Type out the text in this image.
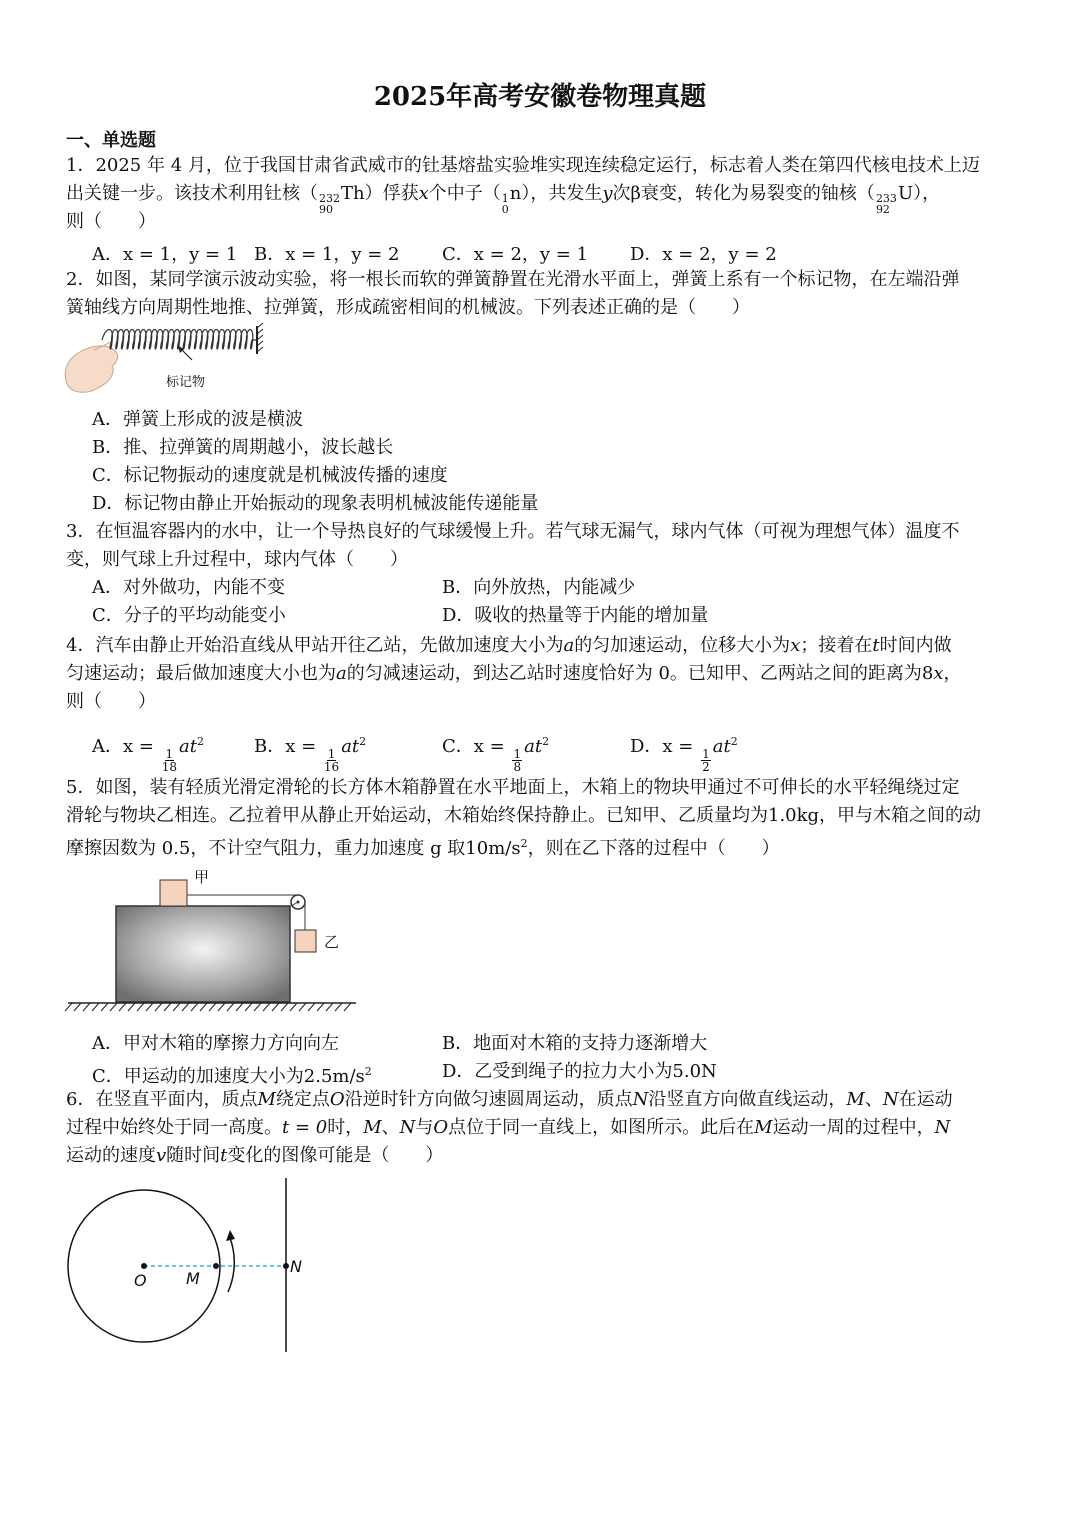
2025年高考安徽卷物理真题
一、单选题
1．2025 年 4 月，位于我国甘肃省武威市的钍基熔盐实验堆实现连续稳定运行，标志着人类在第四代核电技术上迈
出关键一步。该技术利用钍核（ 232
90
Th）俘获x个中子（ 1
0
n），共发生y次β衰变，转化为易裂变的铀核（ 233
92
U），
则（　　）
A．x = 1，y = 1 B．x = 1，y = 2 C．x = 2，y = 1 D．x = 2，y = 2
2．如图，某同学演示波动实验，将一根长而软的弹簧静置在光滑水平面上，弹簧上系有一个标记物，在左端沿弹
簧轴线方向周期性地推、拉弹簧，形成疏密相间的机械波。下列表述正确的是（　　）
标记物
A．弹簧上形成的波是横波
B．推、拉弹簧的周期越小，波长越长
C．标记物振动的速度就是机械波传播的速度
D．标记物由静止开始振动的现象表明机械波能传递能量
3．在恒温容器内的水中，让一个导热良好的气球缓慢上升。若气球无漏气，球内气体（可视为理想气体）温度不
变，则气球上升过程中，球内气体（　　）
A．对外做功，内能不变	B．向外放热，内能减少
C．分子的平均动能变小	D．吸收的热量等于内能的增加量
4．汽车由静止开始沿直线从甲站开往乙站，先做加速度大小为a的匀加速运动，位移大小为x；接着在t时间内做
匀速运动；最后做加速度大小也为a的匀减速运动，到达乙站时速度恰好为 0。已知甲、乙两站之间的距离为8x，
则（　　）
A．x =
$\frac{1}{18}$
$at^2$	B．x =
$\frac{1}{16}$
$at^2$	C．x =
$\frac{1}{8}$
$at^2$	D．x =
$\frac{1}{2}$
$at^2$
5．如图，装有轻质光滑定滑轮的长方体木箱静置在水平地面上，木箱上的物块甲通过不可伸长的水平轻绳绕过定
滑轮与物块乙相连。乙拉着甲从静止开始运动，木箱始终保持静止。已知甲、乙质量均为1.0kg，甲与木箱之间的动
摩擦因数为 0.5，不计空气阻力，重力加速度 g 取$10m/s^2$，则在乙下落的过程中（　　）
甲
乙
A．甲对木箱的摩擦力方向向左	B．地面对木箱的支持力逐渐增大
C．甲运动的加速度大小为$2.5m/s^2$	D．乙受到绳子的拉力大小为5.0N
6．在竖直平面内，质点M绕定点O沿逆时针方向做匀速圆周运动，质点N沿竖直方向做直线运动，M、N在运动
过程中始终处于同一高度。t = 0时，M、N与O点位于同一直线上，如图所示。此后在M运动一周的过程中，N
运动的速度v随时间t变化的图像可能是（　　）
O M
N
